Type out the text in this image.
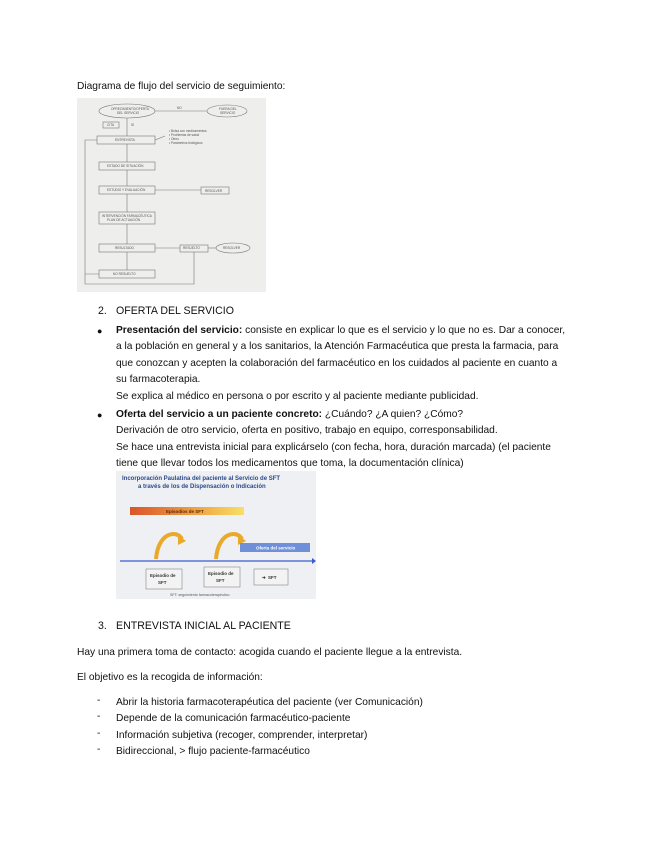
Diagrama de flujo del servicio de seguimiento:
OFRECIMIENTO/OFERTA
DEL SERVICIO
NO	FUERA DEL
SERVICIO
CITA	SI
ENTREVISTA
ESTADO DE SITUACIÓN
ESTUDIO Y EVALUACIÓN	RESOLVER
INTERVENCIÓN FARMACÉUTICA
PLAN DE ACTUACIÓN
RESULTADO	RESUELTO	RESOLVER
NO RESUELTO
• Bolsa con medicamentos
• Problemas de salud
• Otros
• Parámetros biológicos
2. OFERTA DEL SERVICIO
● Presentación del servicio: consiste en explicar lo que es el servicio y lo que no es. Dar a conocer,
a la población en general y a los sanitarios, la Atención Farmacéutica que presta la farmacia, para
que conozcan y acepten la colaboración del farmacéutico en los cuidados al paciente en cuanto a
su farmacoterapia.
Se explica al médico en persona o por escrito y al paciente mediante publicidad.
● Oferta del servicio a un paciente concreto: ¿Cuándo? ¿A quien? ¿Cómo?
Derivación de otro servicio, oferta en positivo, trabajo en equipo, corresponsabilidad.
Se hace una entrevista inicial para explicárselo (con fecha, hora, duración marcada) (el paciente
tiene que llevar todos los medicamentos que toma, la documentación clínica)
Incorporación Paulatina del paciente al Servicio de SFT
a través de los de Dispensación o Indicación
Episodios de SFT
Oferta del servicio
Episodio de
SFT
Episodio de
SFT
➔ SFT
SFT: seguimiento farmacoterapéutico
3. ENTREVISTA INICIAL AL PACIENTE
Hay una primera toma de contacto: acogida cuando el paciente llegue a la entrevista.
El objetivo es la recogida de información:
- Abrir la historia farmacoterapéutica del paciente (ver Comunicación)
- Depende de la comunicación farmacéutico-paciente
- Información subjetiva (recoger, comprender, interpretar)
- Bidireccional, > flujo paciente-farmacéutico
